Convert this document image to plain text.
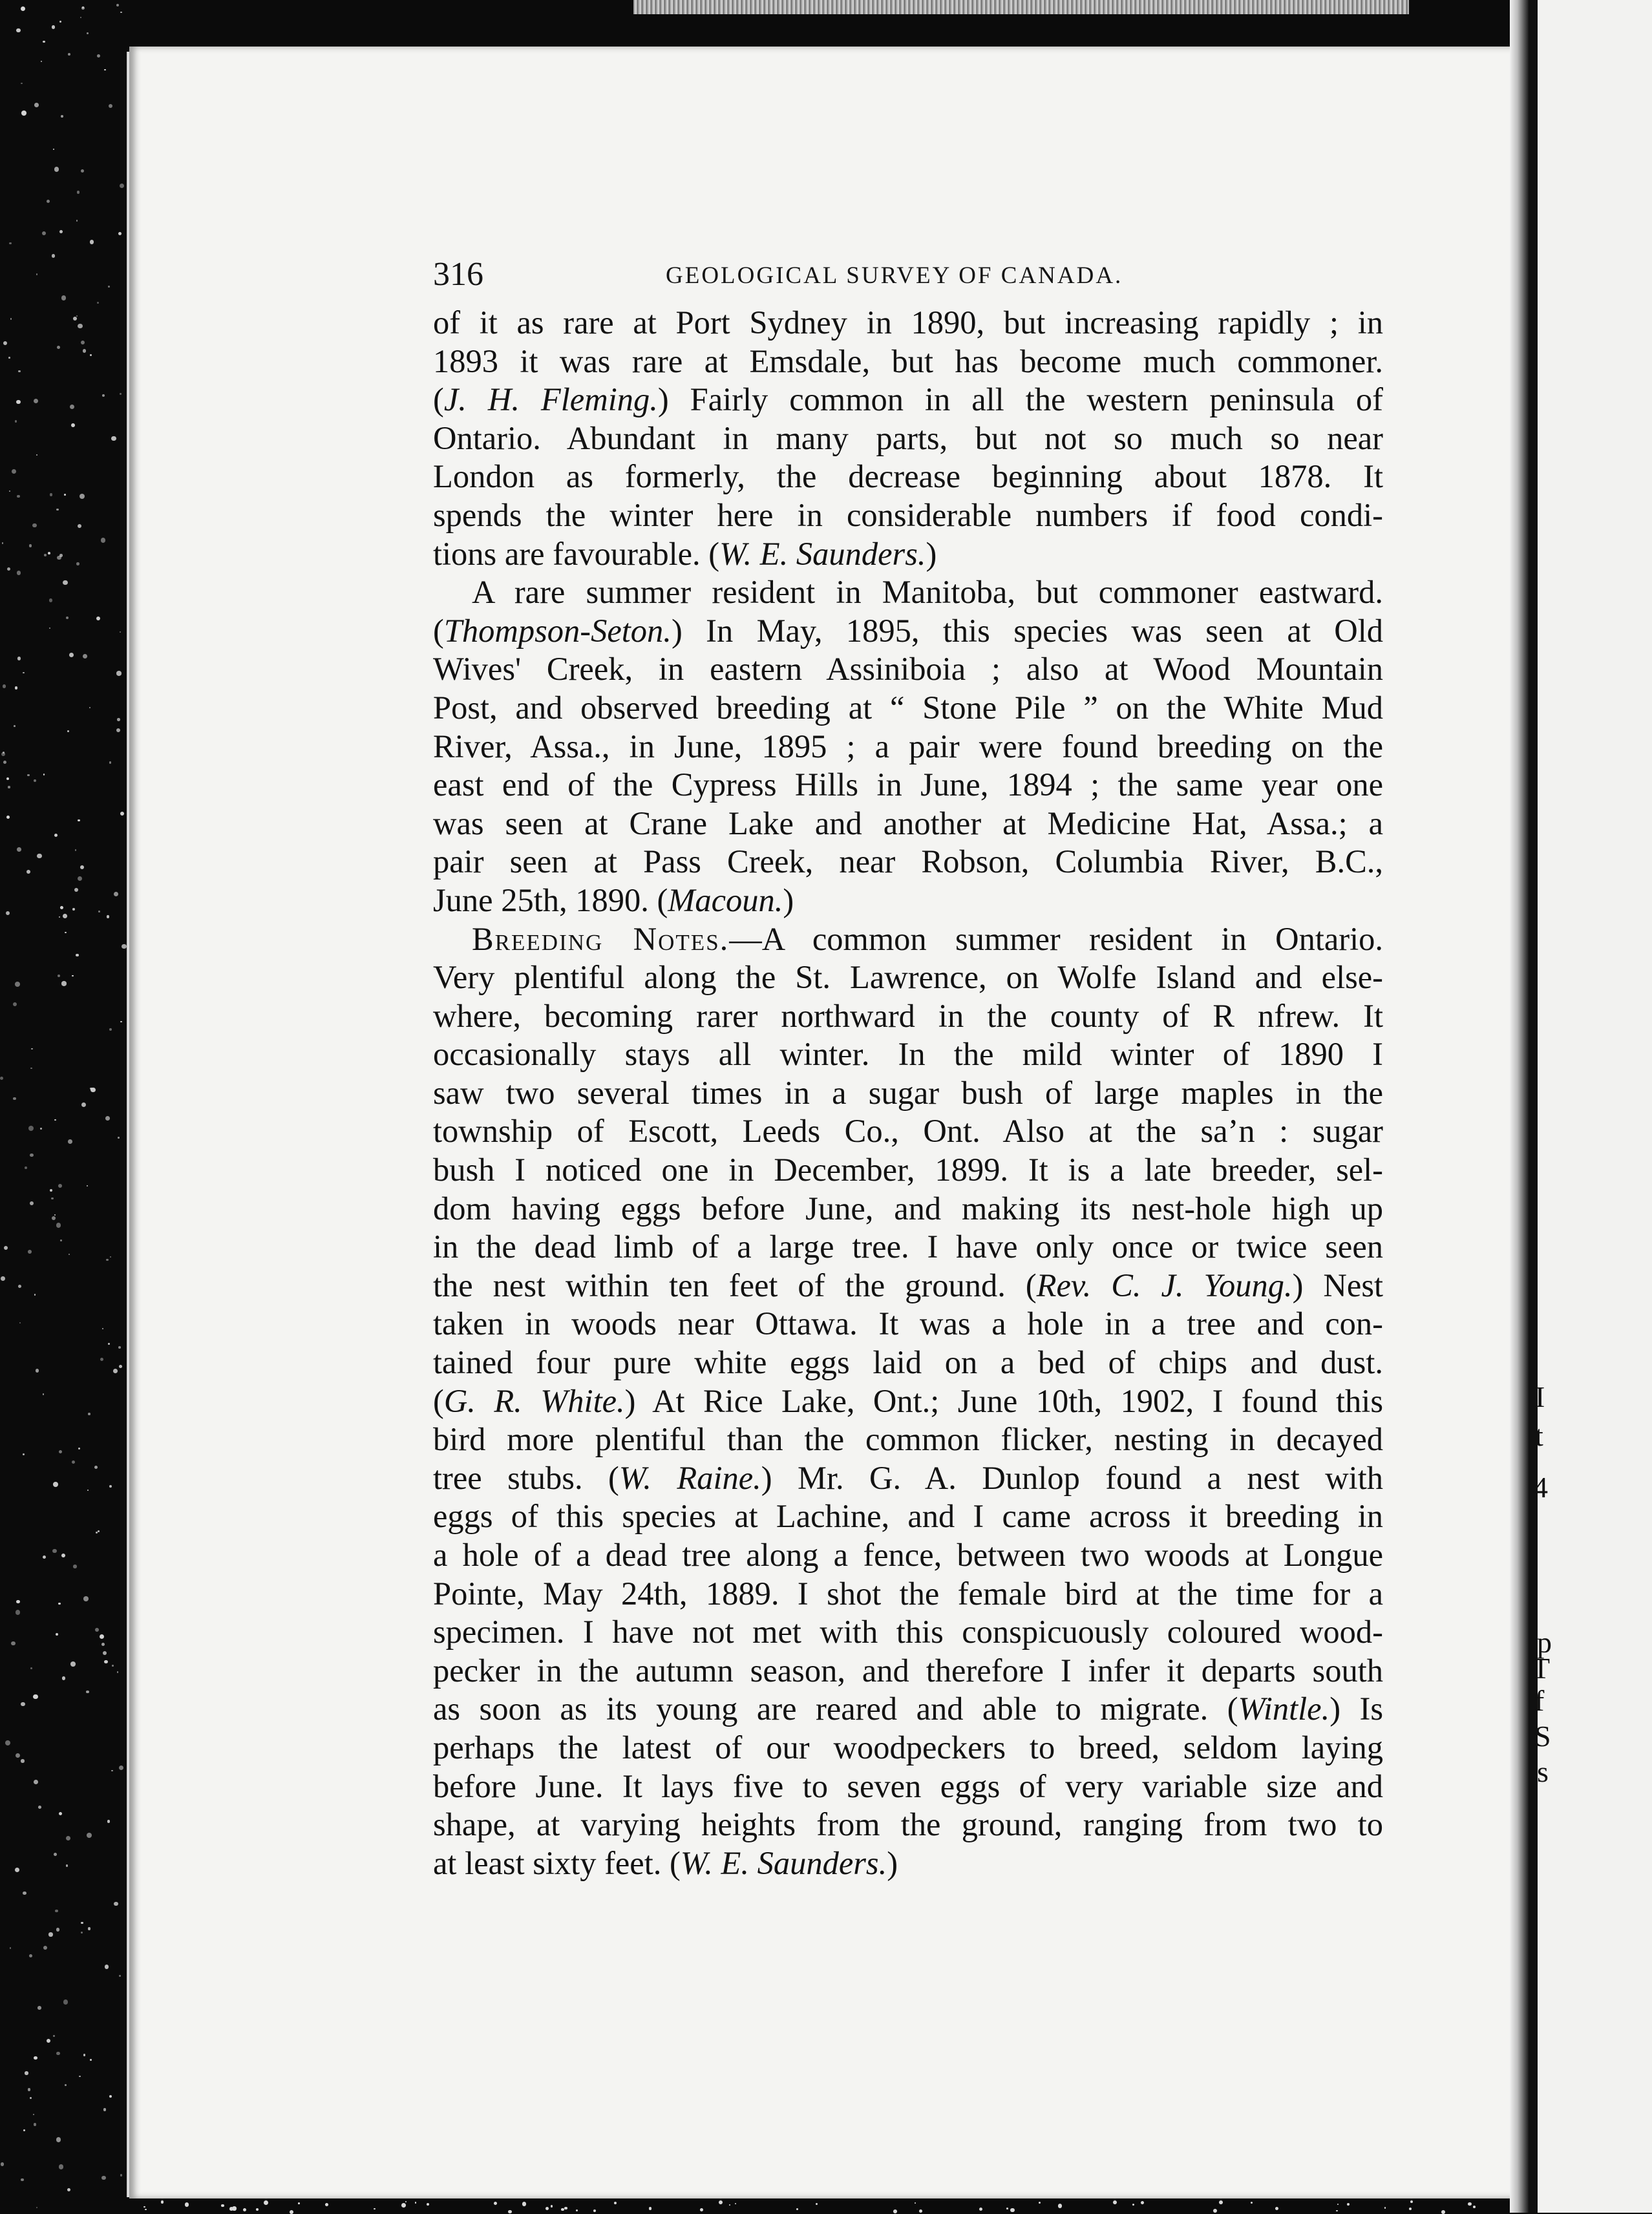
I
t
4
p
T
f
S
s
316	GEOLOGICAL SURVEY OF CANADA.
of it as rare at Port Sydney in 1890, but increasing rapidly ; in
1893 it was rare at Emsdale, but has become much commoner.
(J. H. Fleming.) Fairly common in all the western peninsula of
Ontario. Abundant in many parts, but not so much so near
London as formerly, the decrease beginning about 1878. It
spends the winter here in considerable numbers if food condi-
tions are favourable. (W. E. Saunders.)
A rare summer resident in Manitoba, but commoner eastward.
(Thompson-Seton.) In May, 1895, this species was seen at Old
Wives' Creek, in eastern Assiniboia ; also at Wood Mountain
Post, and observed breeding at “ Stone Pile ” on the White Mud
River, Assa., in June, 1895 ; a pair were found breeding on the
east end of the Cypress Hills in June, 1894 ; the same year one
was seen at Crane Lake and another at Medicine Hat, Assa.; a
pair seen at Pass Creek, near Robson, Columbia River, B.C.,
June 25th, 1890. (Macoun.)
Breeding Notes.—A common summer resident in Ontario.
Very plentiful along the St. Lawrence, on Wolfe Island and else-
where, becoming rarer northward in the county of R nfrew. It
occasionally stays all winter. In the mild winter of 1890 I
saw two several times in a sugar bush of large maples in the
township of Escott, Leeds Co., Ont. Also at the sa’n : sugar
bush I noticed one in December, 1899. It is a late breeder, sel-
dom having eggs before June, and making its nest-hole high up
in the dead limb of a large tree. I have only once or twice seen
the nest within ten feet of the ground. (Rev. C. J. Young.) Nest
taken in woods near Ottawa. It was a hole in a tree and con-
tained four pure white eggs laid on a bed of chips and dust.
(G. R. White.) At Rice Lake, Ont.; June 10th, 1902, I found this
bird more plentiful than the common flicker, nesting in decayed
tree stubs. (W. Raine.) Mr. G. A. Dunlop found a nest with
eggs of this species at Lachine, and I came across it breeding in
a hole of a dead tree along a fence, between two woods at Longue
Pointe, May 24th, 1889. I shot the female bird at the time for a
specimen. I have not met with this conspicuously coloured wood-
pecker in the autumn season, and therefore I infer it departs south
as soon as its young are reared and able to migrate. (Wintle.) Is
perhaps the latest of our woodpeckers to breed, seldom laying
before June. It lays five to seven eggs of very variable size and
shape, at varying heights from the ground, ranging from two to
at least sixty feet. (W. E. Saunders.)
